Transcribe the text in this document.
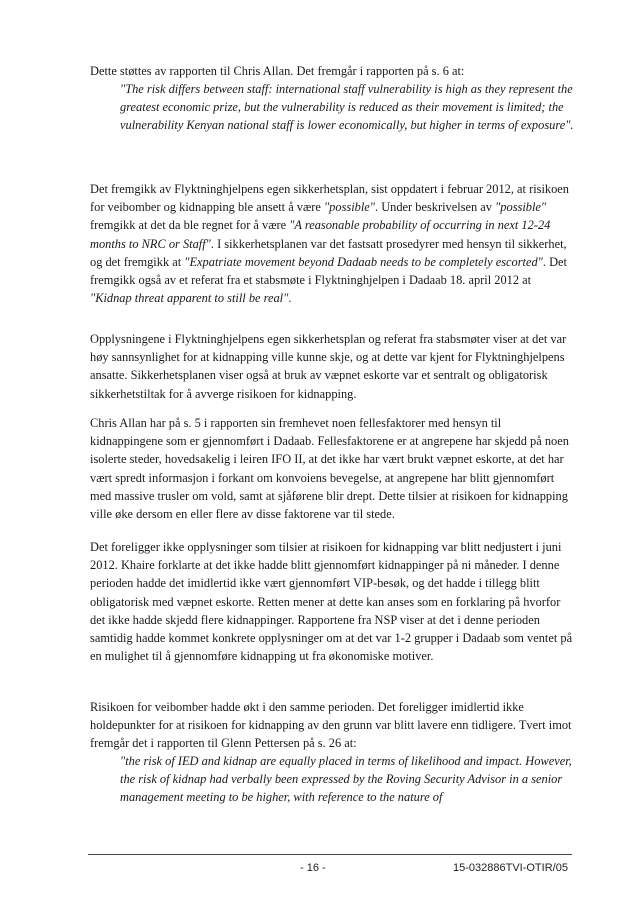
Dette støttes av rapporten til Chris Allan. Det fremgår i rapporten på s. 6 at:

"The risk differs between staff: international staff vulnerability is high as they represent the greatest economic prize, but the vulnerability is reduced as their movement is limited; the vulnerability Kenyan national staff is lower economically, but higher in terms of exposure".

Det fremgikk av Flyktninghjelpens egen sikkerhetsplan, sist oppdatert i februar 2012, at risikoen for veibomber og kidnapping ble ansett å være "possible". Under beskrivelsen av "possible" fremgikk at det da ble regnet for å være "A reasonable probability of occurring in next 12-24 months to NRC or Staff". I sikkerhetsplanen var det fastsatt prosedyrer med hensyn til sikkerhet, og det fremgikk at "Expatriate movement beyond Dadaab needs to be completely escorted". Det fremgikk også av et referat fra et stabsmøte i Flyktninghjelpen i Dadaab 18. april 2012 at "Kidnap threat apparent to still be real".

Opplysningene i Flyktninghjelpens egen sikkerhetsplan og referat fra stabsmøter viser at det var høy sannsynlighet for at kidnapping ville kunne skje, og at dette var kjent for Flyktninghjelpens ansatte. Sikkerhetsplanen viser også at bruk av væpnet eskorte var et sentralt og obligatorisk sikkerhetstiltak for å avverge risikoen for kidnapping.

Chris Allan har på s. 5 i rapporten sin fremhevet noen fellesfaktorer med hensyn til kidnappingene som er gjennomført i Dadaab. Fellesfaktorene er at angrepene har skjedd på noen isolerte steder, hovedsakelig i leiren IFO II, at det ikke har vært brukt væpnet eskorte, at det har vært spredt informasjon i forkant om konvoiens bevegelse, at angrepene har blitt gjennomført med massive trusler om vold, samt at sjåførene blir drept. Dette tilsier at risikoen for kidnapping ville øke dersom en eller flere av disse faktorene var til stede.

Det foreligger ikke opplysninger som tilsier at risikoen for kidnapping var blitt nedjustert i juni 2012. Khaire forklarte at det ikke hadde blitt gjennomført kidnappinger på ni måneder. I denne perioden hadde det imidlertid ikke vært gjennomført VIP-besøk, og det hadde i tillegg blitt obligatorisk med væpnet eskorte. Retten mener at dette kan anses som en forklaring på hvorfor det ikke hadde skjedd flere kidnappinger. Rapportene fra NSP viser at det i denne perioden samtidig hadde kommet konkrete opplysninger om at det var 1-2 grupper i Dadaab som ventet på en mulighet til å gjennomføre kidnapping ut fra økonomiske motiver.

Risikoen for veibomber hadde økt i den samme perioden. Det foreligger imidlertid ikke holdepunkter for at risikoen for kidnapping av den grunn var blitt lavere enn tidligere. Tvert imot fremgår det i rapporten til Glenn Pettersen på s. 26 at:

"the risk of IED and kidnap are equally placed in terms of likelihood and impact. However, the risk of kidnap had verbally been expressed by the Roving Security Advisor in a senior management meeting to be higher, with reference to the nature of

- 16 -	15-032886TVI-OTIR/05
